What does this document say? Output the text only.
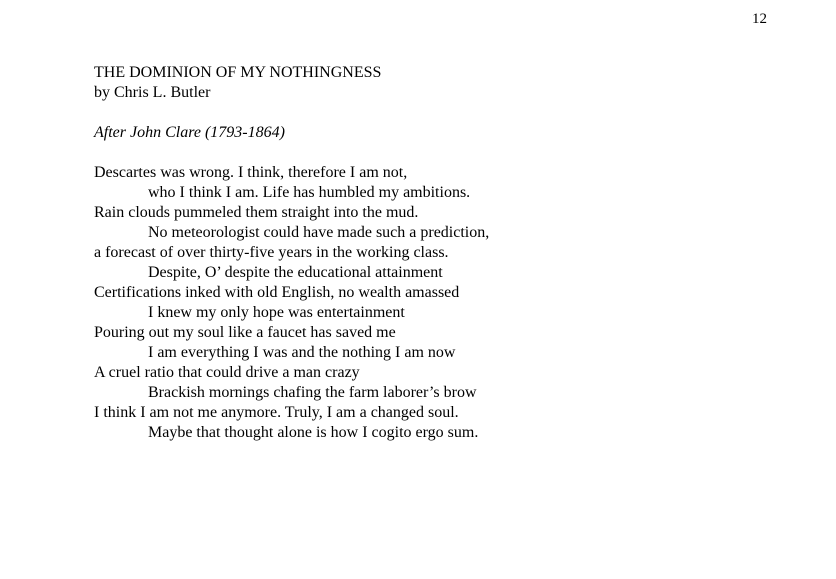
12
THE DOMINION OF MY NOTHINGNESS
by Chris L. Butler
After John Clare (1793-1864)
Descartes was wrong. I think, therefore I am not,
who I think I am. Life has humbled my ambitions.
Rain clouds pummeled them straight into the mud.
No meteorologist could have made such a prediction,
a forecast of over thirty-five years in the working class.
Despite, O’ despite the educational attainment
Certifications inked with old English, no wealth amassed
I knew my only hope was entertainment
Pouring out my soul like a faucet has saved me
I am everything I was and the nothing I am now
A cruel ratio that could drive a man crazy
Brackish mornings chafing the farm laborer’s brow
I think I am not me anymore. Truly, I am a changed soul.
Maybe that thought alone is how I cogito ergo sum.
